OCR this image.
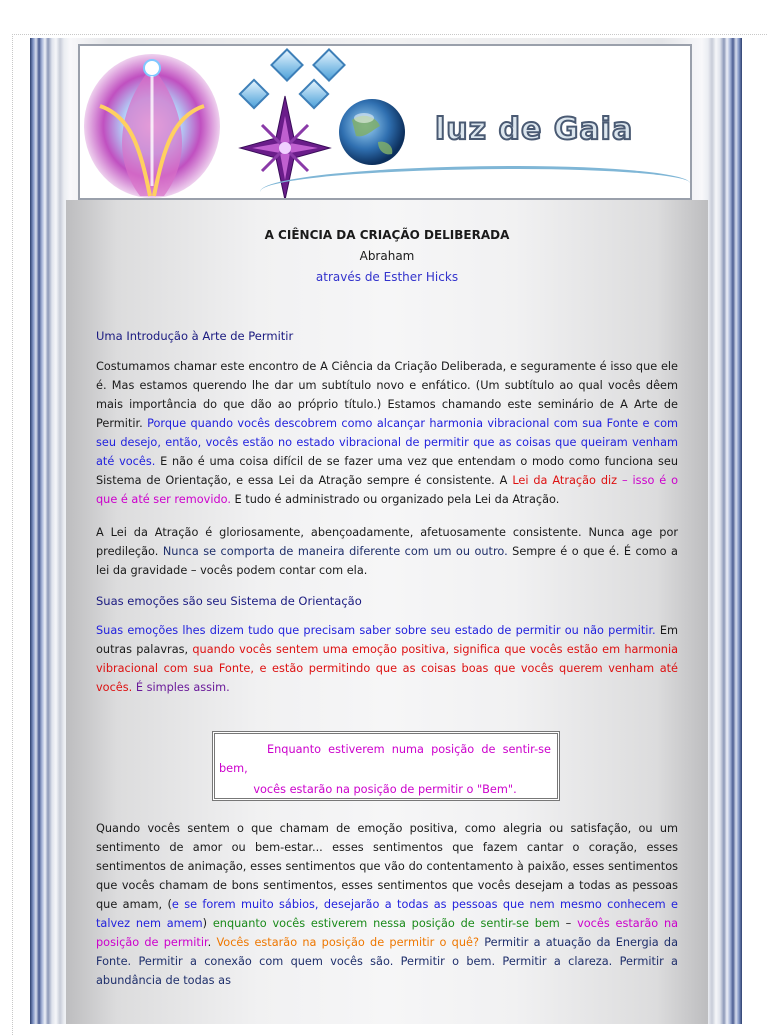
luz de Gaia

A CIÊNCIA DA CRIAÇÃO DELIBERADA

Abraham
através de Esther Hicks
Uma Introdução à Arte de Permitir

Costumamos chamar este encontro de A Ciência da Criação Deliberada, e seguramente é isso que ele é. Mas estamos querendo lhe dar um subtítulo novo e enfático. (Um subtítulo ao qual vocês dêem mais importância do que dão ao próprio título.) Estamos chamando este seminário de A Arte de Permitir. Porque quando vocês descobrem como alcançar harmonia vibracional com sua Fonte e com seu desejo, então, vocês estão no estado vibracional de permitir que as coisas que queiram venham até vocês. E não é uma coisa difícil de se fazer uma vez que entendam o modo como funciona seu Sistema de Orientação, e essa Lei da Atração sempre é consistente. A Lei da Atração diz – isso é o que é até ser removido. E tudo é administrado ou organizado pela Lei da Atração.

A Lei da Atração é gloriosamente, abençoadamente, afetuosamente consistente. Nunca age por predileção. Nunca se comporta de maneira diferente com um ou outro. Sempre é o que é. É como a lei da gravidade – vocês podem contar com ela.

Suas emoções são seu Sistema de Orientação

Suas emoções lhes dizem tudo que precisam saber sobre seu estado de permitir ou não permitir. Em outras palavras, quando vocês sentem uma emoção positiva, significa que vocês estão em harmonia vibracional com sua Fonte, e estão permitindo que as coisas boas que vocês querem venham até vocês. É simples assim.

Enquanto estiverem numa posição de sentir-se bem,
vocês estarão na posição de permitir o "Bem".

Quando vocês sentem o que chamam de emoção positiva, como alegria ou satisfação, ou um sentimento de amor ou bem-estar... esses sentimentos que fazem cantar o coração, esses sentimentos de animação, esses sentimentos que vão do contentamento à paixão, esses sentimentos que vocês chamam de bons sentimentos, esses sentimentos que vocês desejam a todas as pessoas que amam, (e se forem muito sábios, desejarão a todas as pessoas que nem mesmo conhecem e talvez nem amem) enquanto vocês estiverem nessa posição de sentir-se bem – vocês estarão na posição de permitir. Vocês estarão na posição de permitir o quê? Permitir a atuação da Energia da Fonte. Permitir a conexão com quem vocês são. Permitir o bem. Permitir a clareza. Permitir a abundância de todas as
